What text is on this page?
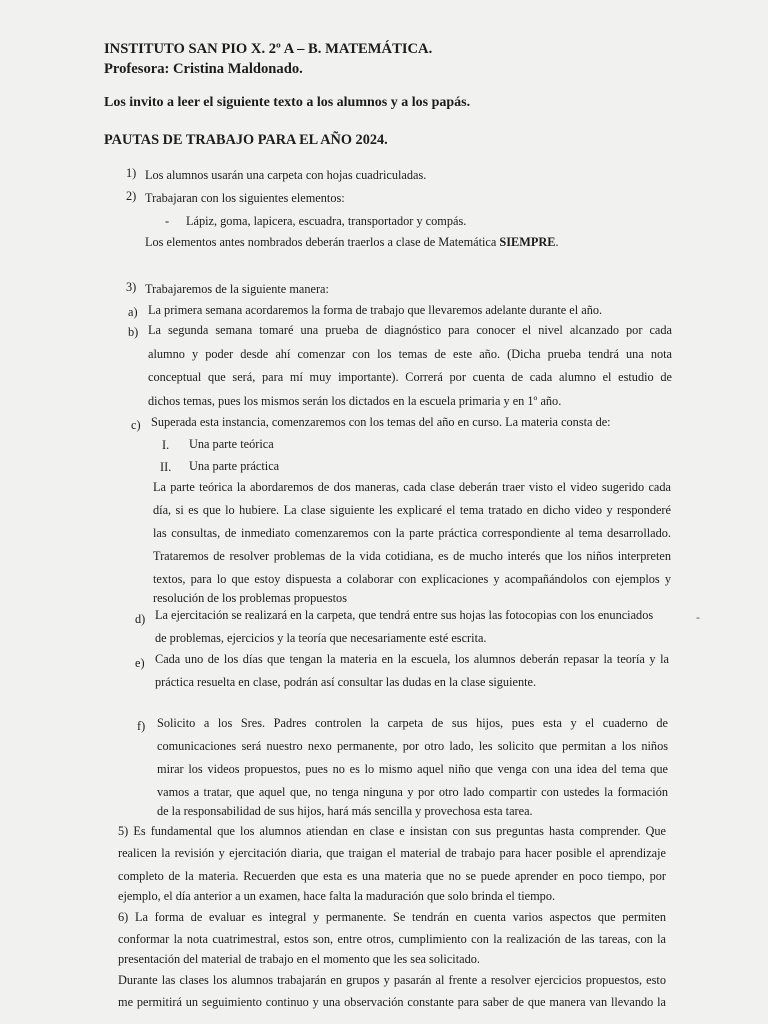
INSTITUTO SAN PIO X. 2º A – B. MATEMÁTICA.
Profesora: Cristina Maldonado.
Los invito a leer el siguiente texto a los alumnos y a los papás.
PAUTAS DE TRABAJO PARA EL AÑO 2024.
1) Los alumnos usarán una carpeta con hojas cuadriculadas.
2) Trabajaran con los siguientes elementos:
- Lápiz, goma, lapicera, escuadra, transportador y compás.
Los elementos antes nombrados deberán traerlos a clase de Matemática SIEMPRE.
3) Trabajaremos de la siguiente manera:
a) La primera semana acordaremos la forma de trabajo que llevaremos adelante durante el año.
b) La segunda semana tomaré una prueba de diagnóstico para conocer el nivel alcanzado por cada
alumno y poder desde ahí comenzar con los temas de este año. (Dicha prueba tendrá una nota
conceptual que será, para mí muy importante). Correrá por cuenta de cada alumno el estudio de
dichos temas, pues los mismos serán los dictados en la escuela primaria y en 1º año.
c) Superada esta instancia, comenzaremos con los temas del año en curso. La materia consta de:
I. Una parte teórica
II. Una parte práctica
La parte teórica la abordaremos de dos maneras, cada clase deberán traer visto el video sugerido cada
día, si es que lo hubiere. La clase siguiente les explicaré el tema tratado en dicho video y responderé
las consultas, de inmediato comenzaremos con la parte práctica correspondiente al tema desarrollado.
Trataremos de resolver problemas de la vida cotidiana, es de mucho interés que los niños interpreten
textos, para lo que estoy dispuesta a colaborar con explicaciones y acompañándolos con ejemplos y
resolución de los problemas propuestos
d) La ejercitación se realizará en la carpeta, que tendrá entre sus hojas las fotocopias con los enunciados
de problemas, ejercicios y la teoría que necesariamente esté escrita.
-
e) Cada uno de los días que tengan la materia en la escuela, los alumnos deberán repasar la teoría y la
práctica resuelta en clase, podrán así consultar las dudas en la clase siguiente.
f) Solicito a los Sres. Padres controlen la carpeta de sus hijos, pues esta y el cuaderno de
comunicaciones será nuestro nexo permanente, por otro lado, les solicito que permitan a los niños
mirar los videos propuestos, pues no es lo mismo aquel niño que venga con una idea del tema que
vamos a tratar, que aquel que, no tenga ninguna y por otro lado compartir con ustedes la formación
de la responsabilidad de sus hijos, hará más sencilla y provechosa esta tarea.
5) Es fundamental que los alumnos atiendan en clase e insistan con sus preguntas hasta comprender. Que
realicen la revisión y ejercitación diaria, que traigan el material de trabajo para hacer posible el aprendizaje
completo de la materia. Recuerden que esta es una materia que no se puede aprender en poco tiempo, por
ejemplo, el día anterior a un examen, hace falta la maduración que solo brinda el tiempo.
6) La forma de evaluar es integral y permanente. Se tendrán en cuenta varios aspectos que permiten
conformar la nota cuatrimestral, estos son, entre otros, cumplimiento con la realización de las tareas, con la
presentación del material de trabajo en el momento que les sea solicitado.
Durante las clases los alumnos trabajarán en grupos y pasarán al frente a resolver ejercicios propuestos, esto
me permitirá un seguimiento continuo y una observación constante para saber de que manera van llevando la
